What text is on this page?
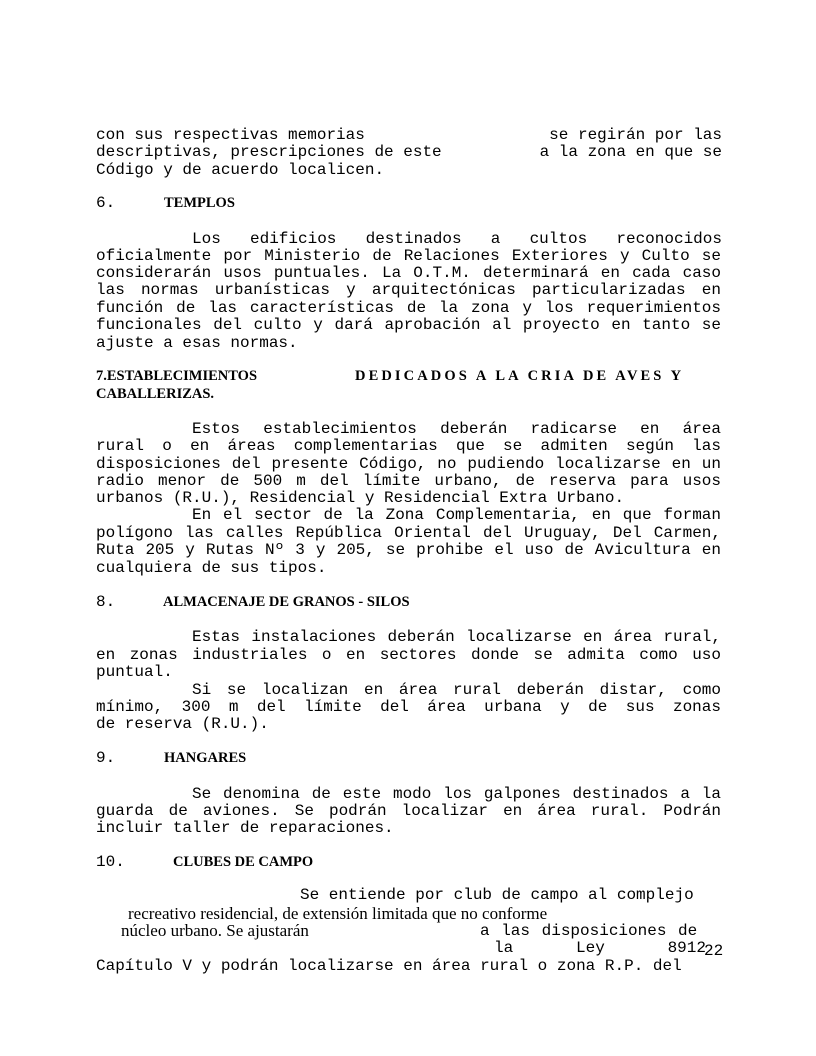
con sus respectivas memorias
descriptivas, prescripciones de este
Código y de acuerdo localicen.
se regirán por las
a la zona en que se
6.	TEMPLOS
Los edificios destinados a cultos reconocidos
oficialmente por Ministerio de Relaciones Exteriores y Culto se
considerarán usos puntuales. La O.T.M. determinará en cada caso
las normas urbanísticas y arquitectónicas particularizadas en
función de las características de la zona y los requerimientos
funcionales del culto y dará aprobación al proyecto en tanto se
ajuste a esas normas.
7.ESTABLECIMIENTOS	DEDICADOS A LA CRIA DE AVES Y
CABALLERIZAS.
Estos establecimientos deberán radicarse en área
rural o en áreas complementarias que se admiten según las
disposiciones del presente Código, no pudiendo localizarse en un
radio menor de 500 m del límite urbano, de reserva para usos
urbanos (R.U.), Residencial y Residencial Extra Urbano.
En el sector de la Zona Complementaria, en que forman
polígono las calles República Oriental del Uruguay, Del Carmen,
Ruta 205 y Rutas Nº 3 y 205, se prohibe el uso de Avicultura en
cualquiera de sus tipos.
8.	ALMACENAJE DE GRANOS - SILOS
Estas instalaciones deberán localizarse en área rural,
en zonas industriales o en sectores donde se admita como uso
puntual.
Si se localizan en área rural deberán distar, como
mínimo, 300 m del límite del área urbana y de sus zonas
de reserva (R.U.).
9.	HANGARES
Se denomina de este modo los galpones destinados a la
guarda de aviones. Se podrán localizar en área rural. Podrán
incluir taller de reparaciones.
10.	CLUBES DE CAMPO
Se entiende por club de campo al complejo
recreativo residencial, de extensión limitada que no conforme
núcleo urbano. Se ajustarán	a las disposiciones de
la	Ley	8912
Capítulo V y podrán localizarse en área rural o zona R.P. del
22
